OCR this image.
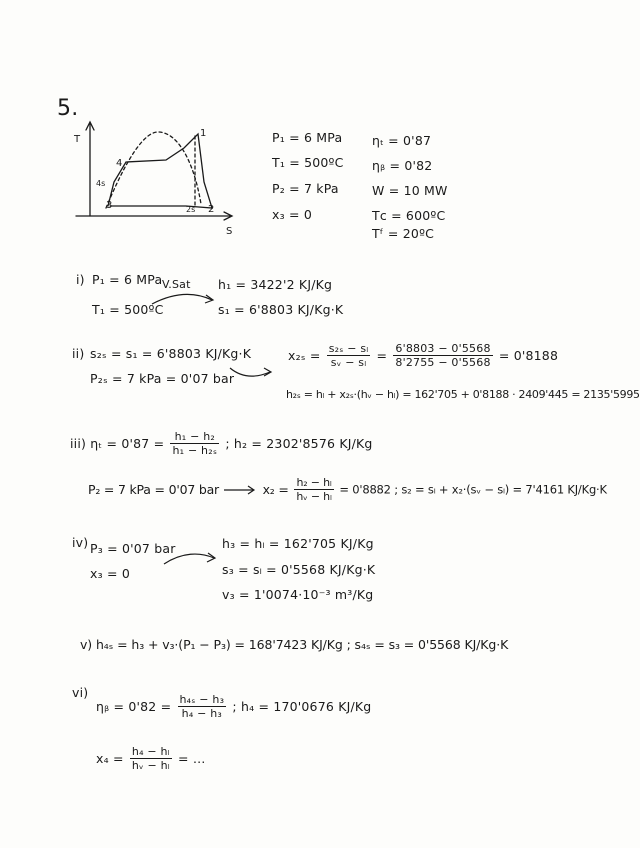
5.
T
S
1
4
4s
3	2s 2
P₁ = 6 MPa
T₁ = 500ºC
P₂ = 7 kPa
x₃ = 0
ηₜ = 0'87
ηᵦ = 0'82
W = 10 MW
Tᴄ = 600ºC
Tᶠ = 20ºC
i) P₁ = 6 MPa
T₁ = 500ºC
V.Sat h₁ = 3422'2 KJ/Kg
s₁ = 6'8803 KJ/Kg·K
ii) s₂ₛ = s₁ = 6'8803 KJ/Kg·K
P₂ₛ = 7 kPa = 0'07 bar
$x_{2s} = \frac{\text{s₂ₛ − sₗ}}{\text{sᵥ − sₗ}} = \frac{6'8803 - 0'5568}{8'2755 - 0'5568} = 0'8188$
h₂ₛ = hₗ + x₂ₛ·(hᵥ − hₗ) = 162'705 + 0'8188 · 2409'445 = 2135'5995
iii) $\eta_t = 0'87 = \frac{\text{h₁ − h₂}}{\text{h₁ − h₂ₛ}}$ ; h₂ = 2302'8576 KJ/Kg
P₂ = 7 kPa = 0'07 bar	$x_2 = \frac{\text{h₂ − hₗ}}{\text{hᵥ − hₗ}} = 0'8882$ ; s₂ = sₗ + x₂·(sᵥ − sₗ) = 7'4161 KJ/Kg·K
iv) P₃ = 0'07 bar
x₃ = 0
h₃ = hₗ = 162'705 KJ/Kg
s₃ = sₗ = 0'5568 KJ/Kg·K
v₃ = 1'0074·10⁻³ m³/Kg
v) h₄ₛ = h₃ + v₃·(P₁ − P₃) = 168'7423 KJ/Kg ; s₄ₛ = s₃ = 0'5568 KJ/Kg·K
vi)
ηᵦ = $0'82 = \frac{\text{h₄ₛ − h₃}}{\text{h₄ − h₃}}$ ; h₄ = 170'0676 KJ/Kg
$x_4 = \frac{\text{h₄ − hₗ}}{\text{hᵥ − hₗ}}$ = …
